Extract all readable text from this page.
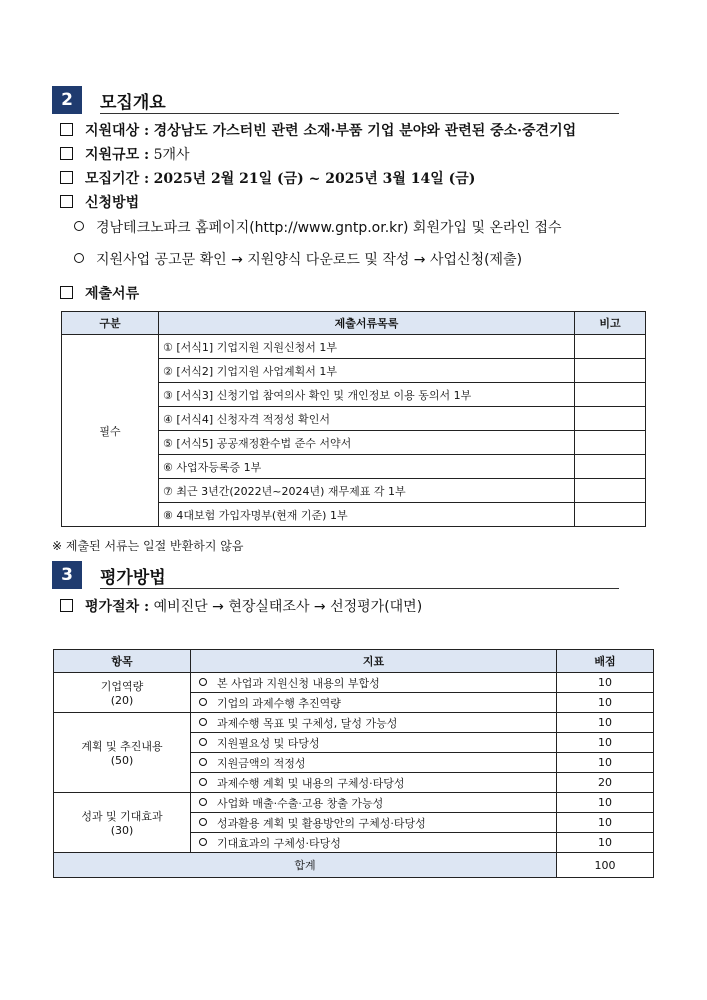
2	모집개요
지원대상 : 경상남도 가스터빈 관련 소재·부품 기업 분야와 관련된 중소·중견기업
지원규모 : 5개사
모집기간 : 2025년 2월 21일 (금) ~ 2025년 3월 14일 (금)
신청방법
경남테크노파크 홈페이지(http://www.gntp.or.kr) 회원가입 및 온라인 접수
지원사업 공고문 확인 → 지원양식 다운로드 및 작성 → 사업신청(제출)
제출서류
구분	제출서류목록	비고
필수	① [서식1] 기업지원 지원신청서 1부	
	② [서식2] 기업지원 사업계획서 1부	
	③ [서식3] 신청기업 참여의사 확인 및 개인정보 이용 동의서 1부	
	④ [서식4] 신청자격 적정성 확인서	
	⑤ [서식5] 공공재정환수법 준수 서약서	
	⑥ 사업자등록증 1부	
	⑦ 최근 3년간(2022년~2024년) 재무제표 각 1부	
	⑧ 4대보험 가입자명부(현재 기준) 1부	
※ 제출된 서류는 일절 반환하지 않음
3	평가방법
평가절차 : 예비진단 → 현장실태조사 → 선정평가(대면)
항목	지표	배점

기업역량
(20)	본 사업과 지원신청 내용의 부합성	10
	기업의 과제수행 추진역량	10

계획 및 추진내용
(50)	과제수행 목표 및 구체성, 달성 가능성	10
	지원필요성 및 타당성	10
	지원금액의 적정성	10
	과제수행 계획 및 내용의 구체성·타당성	20

성과 및 기대효과
(30)	사업화 매출·수출·고용 창출 가능성	10
	성과활용 계획 및 활용방안의 구체성·타당성	10
	기대효과의 구체성·타당성	10
합계		100
